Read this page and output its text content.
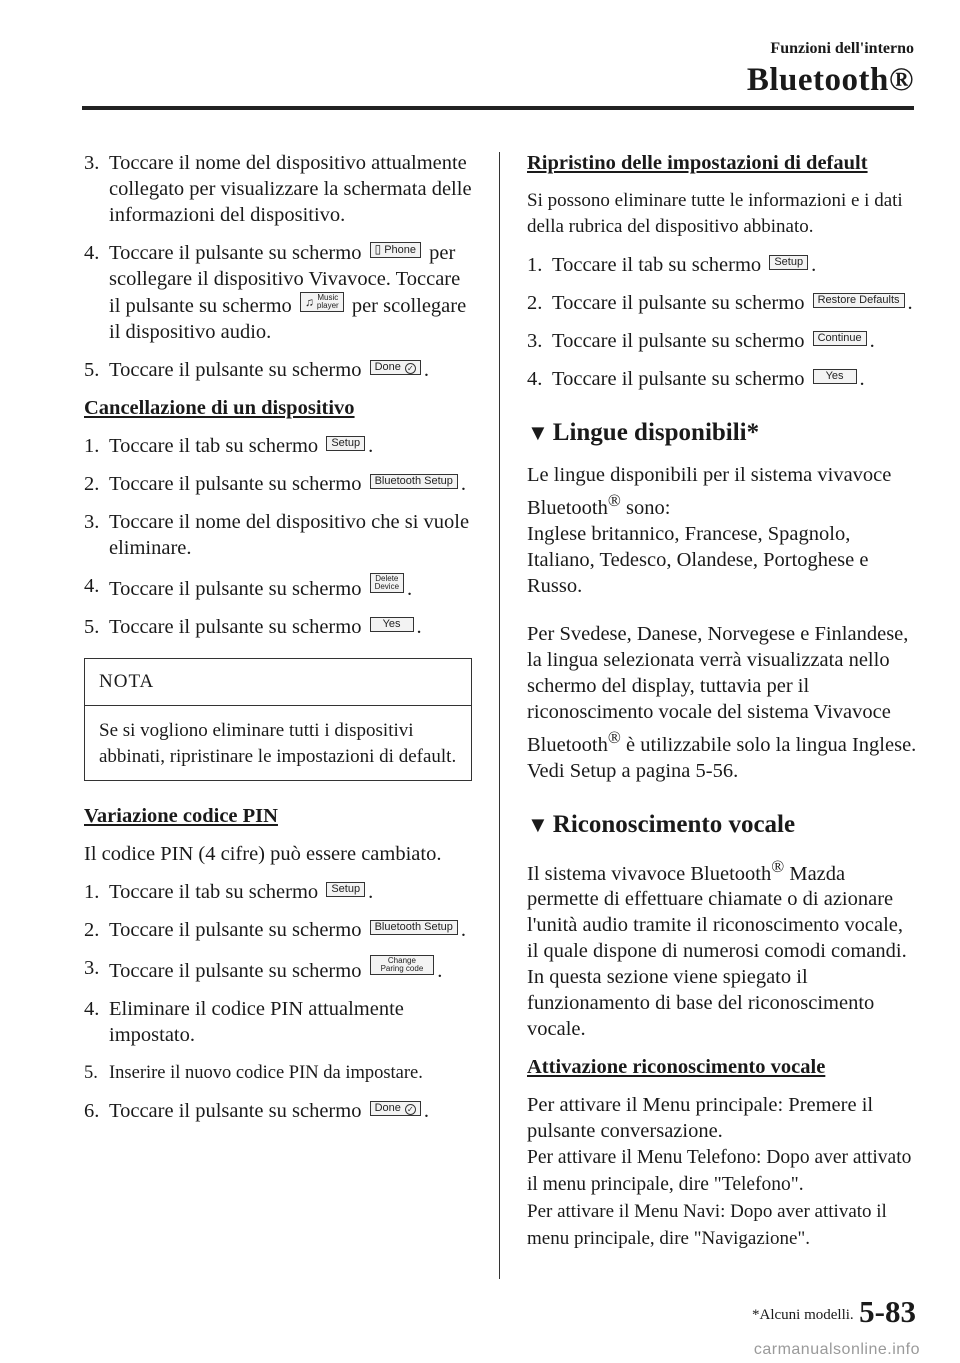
Funzioni dell'interno
Bluetooth®
3. Toccare il nome del dispositivo attualmente collegato per visualizzare la schermata delle informazioni del dispositivo.
4. Toccare il pulsante su schermo ▯ Phone per scollegare il dispositivo Vivavoce. Toccare il pulsante su schermo ♫ Music
player per scollegare il dispositivo audio.
5. Toccare il pulsante su schermo Done ✓ .
Cancellazione di un dispositivo
1. Toccare il tab su schermo Setup .
2. Toccare il pulsante su schermo Bluetooth Setup .
3. Toccare il nome del dispositivo che si vuole eliminare.
4. Toccare il pulsante su schermo Delete
Device .
5. Toccare il pulsante su schermo Yes .
NOTA
Se si vogliono eliminare tutti i dispositivi abbinati, ripristinare le impostazioni di default.
Variazione codice PIN
Il codice PIN (4 cifre) può essere cambiato.
1. Toccare il tab su schermo Setup .
2. Toccare il pulsante su schermo Bluetooth Setup .
3. Toccare il pulsante su schermo	Change
Paring code .
4. Eliminare il codice PIN attualmente impostato.
5. Inserire il nuovo codice PIN da impostare.
6. Toccare il pulsante su schermo Done ✓ .
Ripristino delle impostazioni di default
Si possono eliminare tutte le informazioni e i dati della rubrica del dispositivo abbinato.
1. Toccare il tab su schermo Setup .
2. Toccare il pulsante su schermo Restore Defaults .
3. Toccare il pulsante su schermo Continue .
4. Toccare il pulsante su schermo Yes .
▼ Lingue disponibili*
Le lingue disponibili per il sistema vivavoce Bluetooth® sono:
Inglese britannico, Francese, Spagnolo, Italiano, Tedesco, Olandese, Portoghese e Russo.
Per Svedese, Danese, Norvegese e Finlandese, la lingua selezionata verrà visualizzata nello schermo del display, tuttavia per il riconoscimento vocale del sistema Vivavoce Bluetooth® è utilizzabile solo la lingua Inglese.
Vedi Setup a pagina 5-56.
▼ Riconoscimento vocale
Il sistema vivavoce Bluetooth® Mazda permette di effettuare chiamate o di azionare l'unità audio tramite il riconoscimento vocale, il quale dispone di numerosi comodi comandi. In questa sezione viene spiegato il funzionamento di base del riconoscimento vocale.
Attivazione riconoscimento vocale
Per attivare il Menu principale: Premere il pulsante conversazione.
Per attivare il Menu Telefono: Dopo aver attivato il menu principale, dire "Telefono".
Per attivare il Menu Navi: Dopo aver attivato il menu principale, dire "Navigazione".
*Alcuni modelli. 5-83
carmanualsonline.info
